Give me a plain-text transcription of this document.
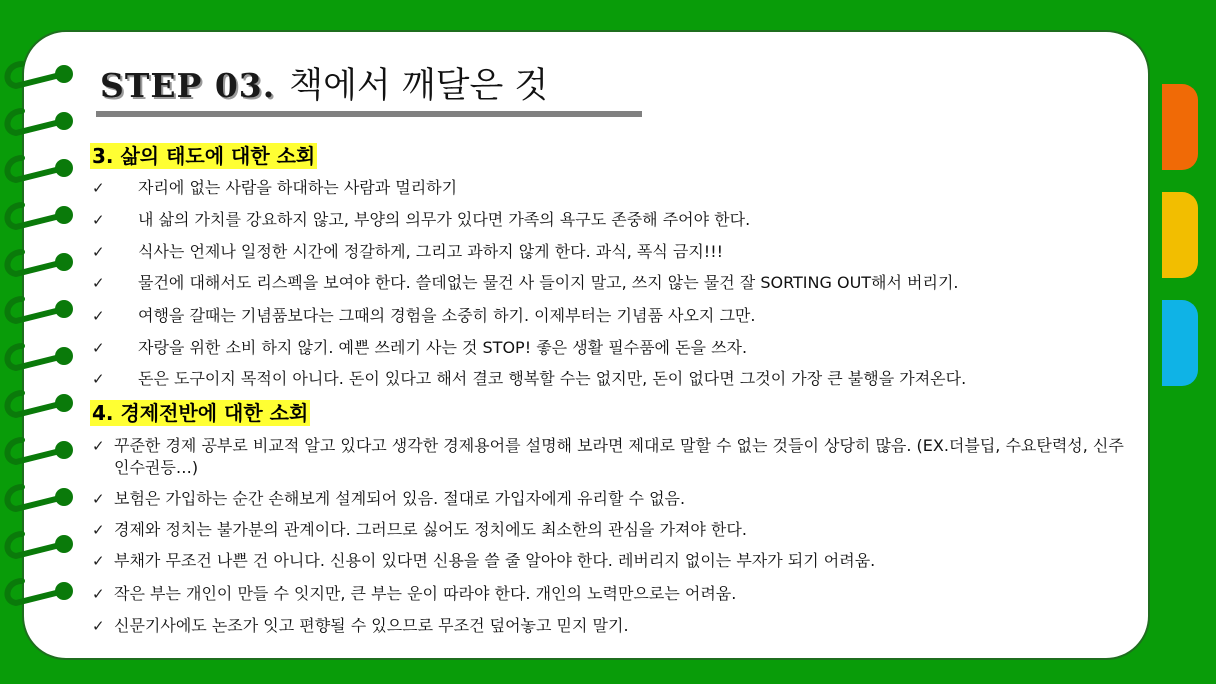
STEP 03. 책에서 깨달은 것
3. 삶의 태도에 대한 소회
✓	자리에 없는 사람을 하대하는 사람과 멀리하기
✓	내 삶의 가치를 강요하지 않고, 부양의 의무가 있다면 가족의 욕구도 존중해 주어야 한다.
✓	식사는 언제나 일정한 시간에 정갈하게, 그리고 과하지 않게 한다. 과식, 폭식 금지!!!
✓	물건에 대해서도 리스펙을 보여야 한다. 쓸데없는 물건 사 들이지 말고, 쓰지 않는 물건 잘 SORTING OUT해서 버리기.
✓	여행을 갈때는 기념품보다는 그때의 경험을 소중히 하기. 이제부터는 기념품 사오지 그만.
✓	자랑을 위한 소비 하지 않기. 예쁜 쓰레기 사는 것 STOP! 좋은 생활 필수품에 돈을 쓰자.
✓	돈은 도구이지 목적이 아니다. 돈이 있다고 해서 결코 행복할 수는 없지만, 돈이 없다면 그것이 가장 큰 불행을 가져온다.
4. 경제전반에 대한 소회
✓ 꾸준한 경제 공부로 비교적 알고 있다고 생각한 경제용어를 설명해 보라면 제대로 말할 수 없는 것들이 상당히 많음. (EX.더블딥, 수요탄력성, 신주인수권등…)
✓ 보험은 가입하는 순간 손해보게 설계되어 있음. 절대로 가입자에게 유리할 수 없음.
✓ 경제와 정치는 불가분의 관계이다. 그러므로 싫어도 정치에도 최소한의 관심을 가져야 한다.
✓ 부채가 무조건 나쁜 건 아니다. 신용이 있다면 신용을 쓸 줄 알아야 한다. 레버리지 없이는 부자가 되기 어려움.
✓ 작은 부는 개인이 만들 수 잇지만, 큰 부는 운이 따라야 한다. 개인의 노력만으로는 어려움.
✓ 신문기사에도 논조가 잇고 편향될 수 있으므로 무조건 덮어놓고 믿지 말기.
